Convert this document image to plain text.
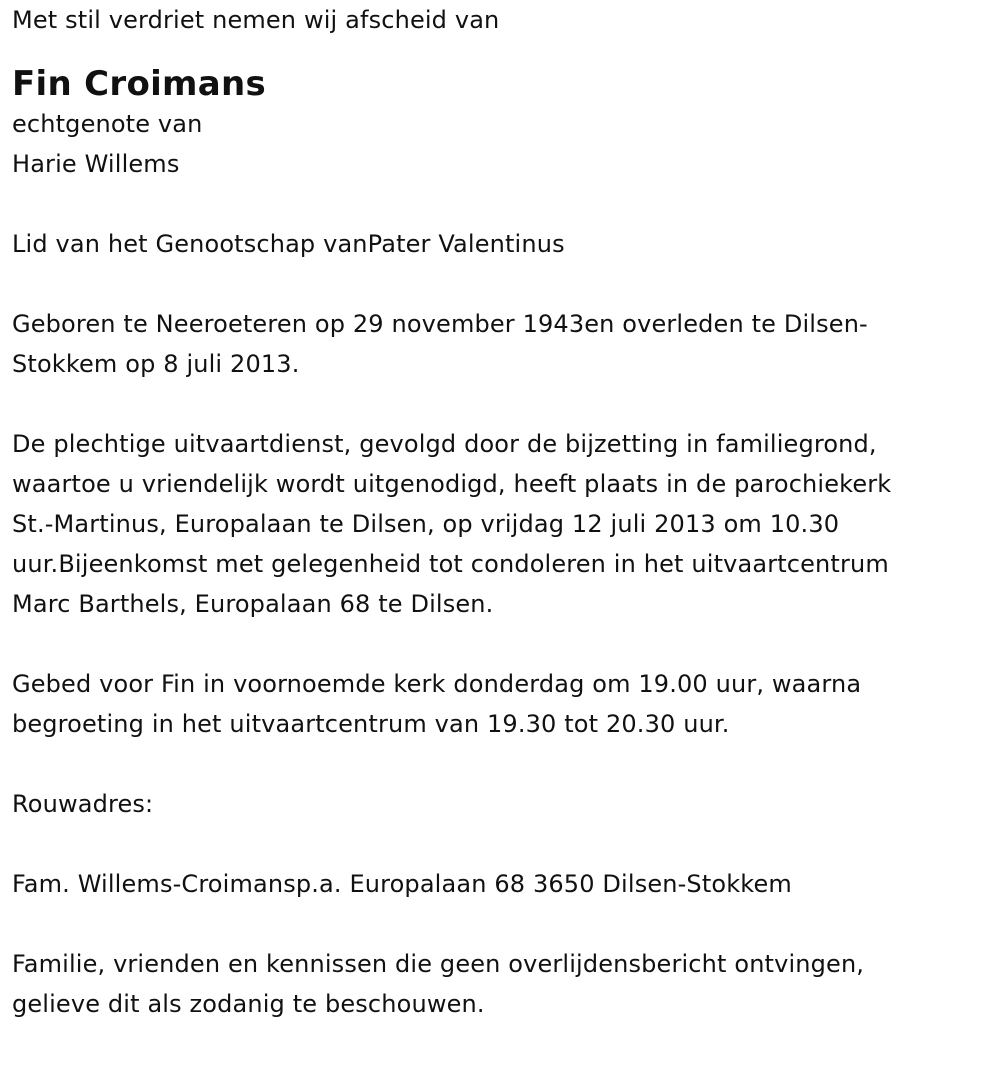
Met stil verdriet nemen wij afscheid van
Fin Croimans
echtgenote van
Harie Willems
Lid van het Genootschap vanPater Valentinus
Geboren te Neeroeteren op 29 november 1943en overleden te Dilsen-
Stokkem op 8 juli 2013.
De plechtige uitvaartdienst, gevolgd door de bijzetting in familiegrond,
waartoe u vriendelijk wordt uitgenodigd, heeft plaats in de parochiekerk
St.-Martinus, Europalaan te Dilsen, op vrijdag 12 juli 2013 om 10.30
uur.Bijeenkomst met gelegenheid tot condoleren in het uitvaartcentrum
Marc Barthels, Europalaan 68 te Dilsen.
Gebed voor Fin in voornoemde kerk donderdag om 19.00 uur, waarna
begroeting in het uitvaartcentrum van 19.30 tot 20.30 uur.
Rouwadres:
Fam. Willems-Croimansp.a. Europalaan 68 3650 Dilsen-Stokkem
Familie, vrienden en kennissen die geen overlijdensbericht ontvingen,
gelieve dit als zodanig te beschouwen.
